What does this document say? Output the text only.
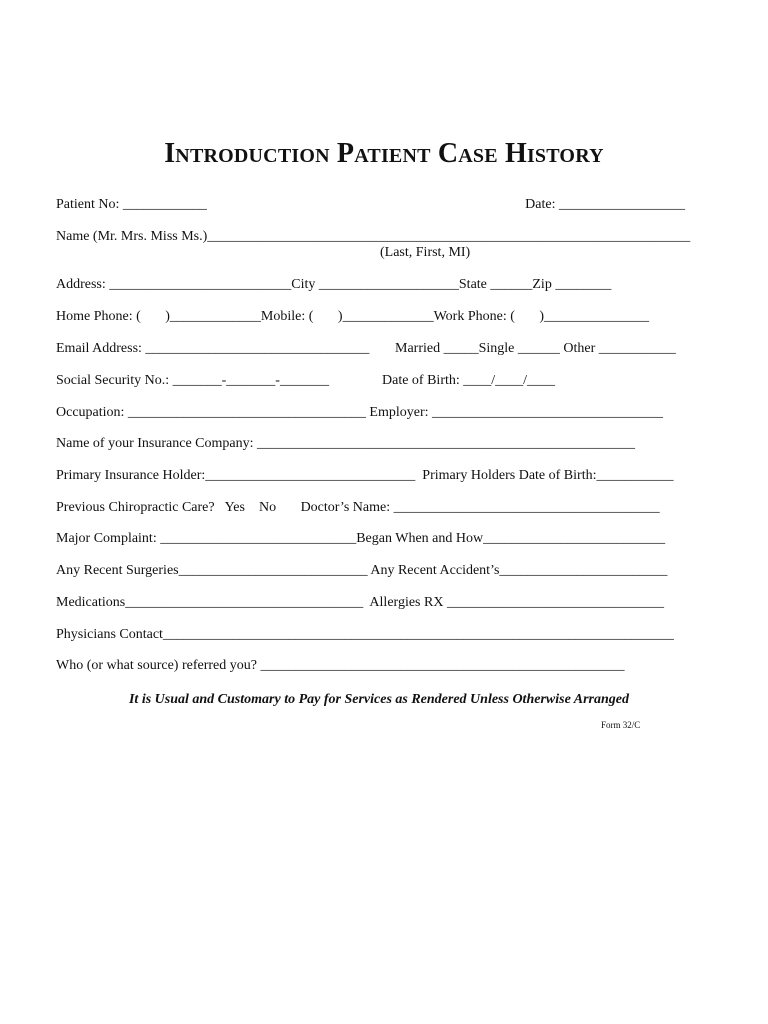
Introduction Patient Case History
Patient No: ____________	Date: __________________
Name (Mr. Mrs. Miss Ms.)_____________________________________________________________________
(Last, First, MI)
Address: __________________________City ____________________State ______Zip ________
Home Phone: (       )_____________Mobile: (       )_____________Work Phone: (       )_______________
Email Address: ________________________________ Married _____Single ______ Other ___________
Social Security No.: _______-_______-_______	Date of Birth: ____/____/____
Occupation: __________________________________ Employer: _________________________________
Name of your Insurance Company: ______________________________________________________
Primary Insurance Holder:______________________________  Primary Holders Date of Birth:___________
Previous Chiropractic Care?   Yes    No       Doctor’s Name: ______________________________________
Major Complaint: ____________________________Began When and How__________________________
Any Recent Surgeries___________________________ Any Recent Accident’s________________________
Medications__________________________________  Allergies RX _______________________________
Physicians Contact_________________________________________________________________________
Who (or what source) referred you? ____________________________________________________
It is Usual and Customary to Pay for Services as Rendered Unless Otherwise Arranged
Form 32/C
